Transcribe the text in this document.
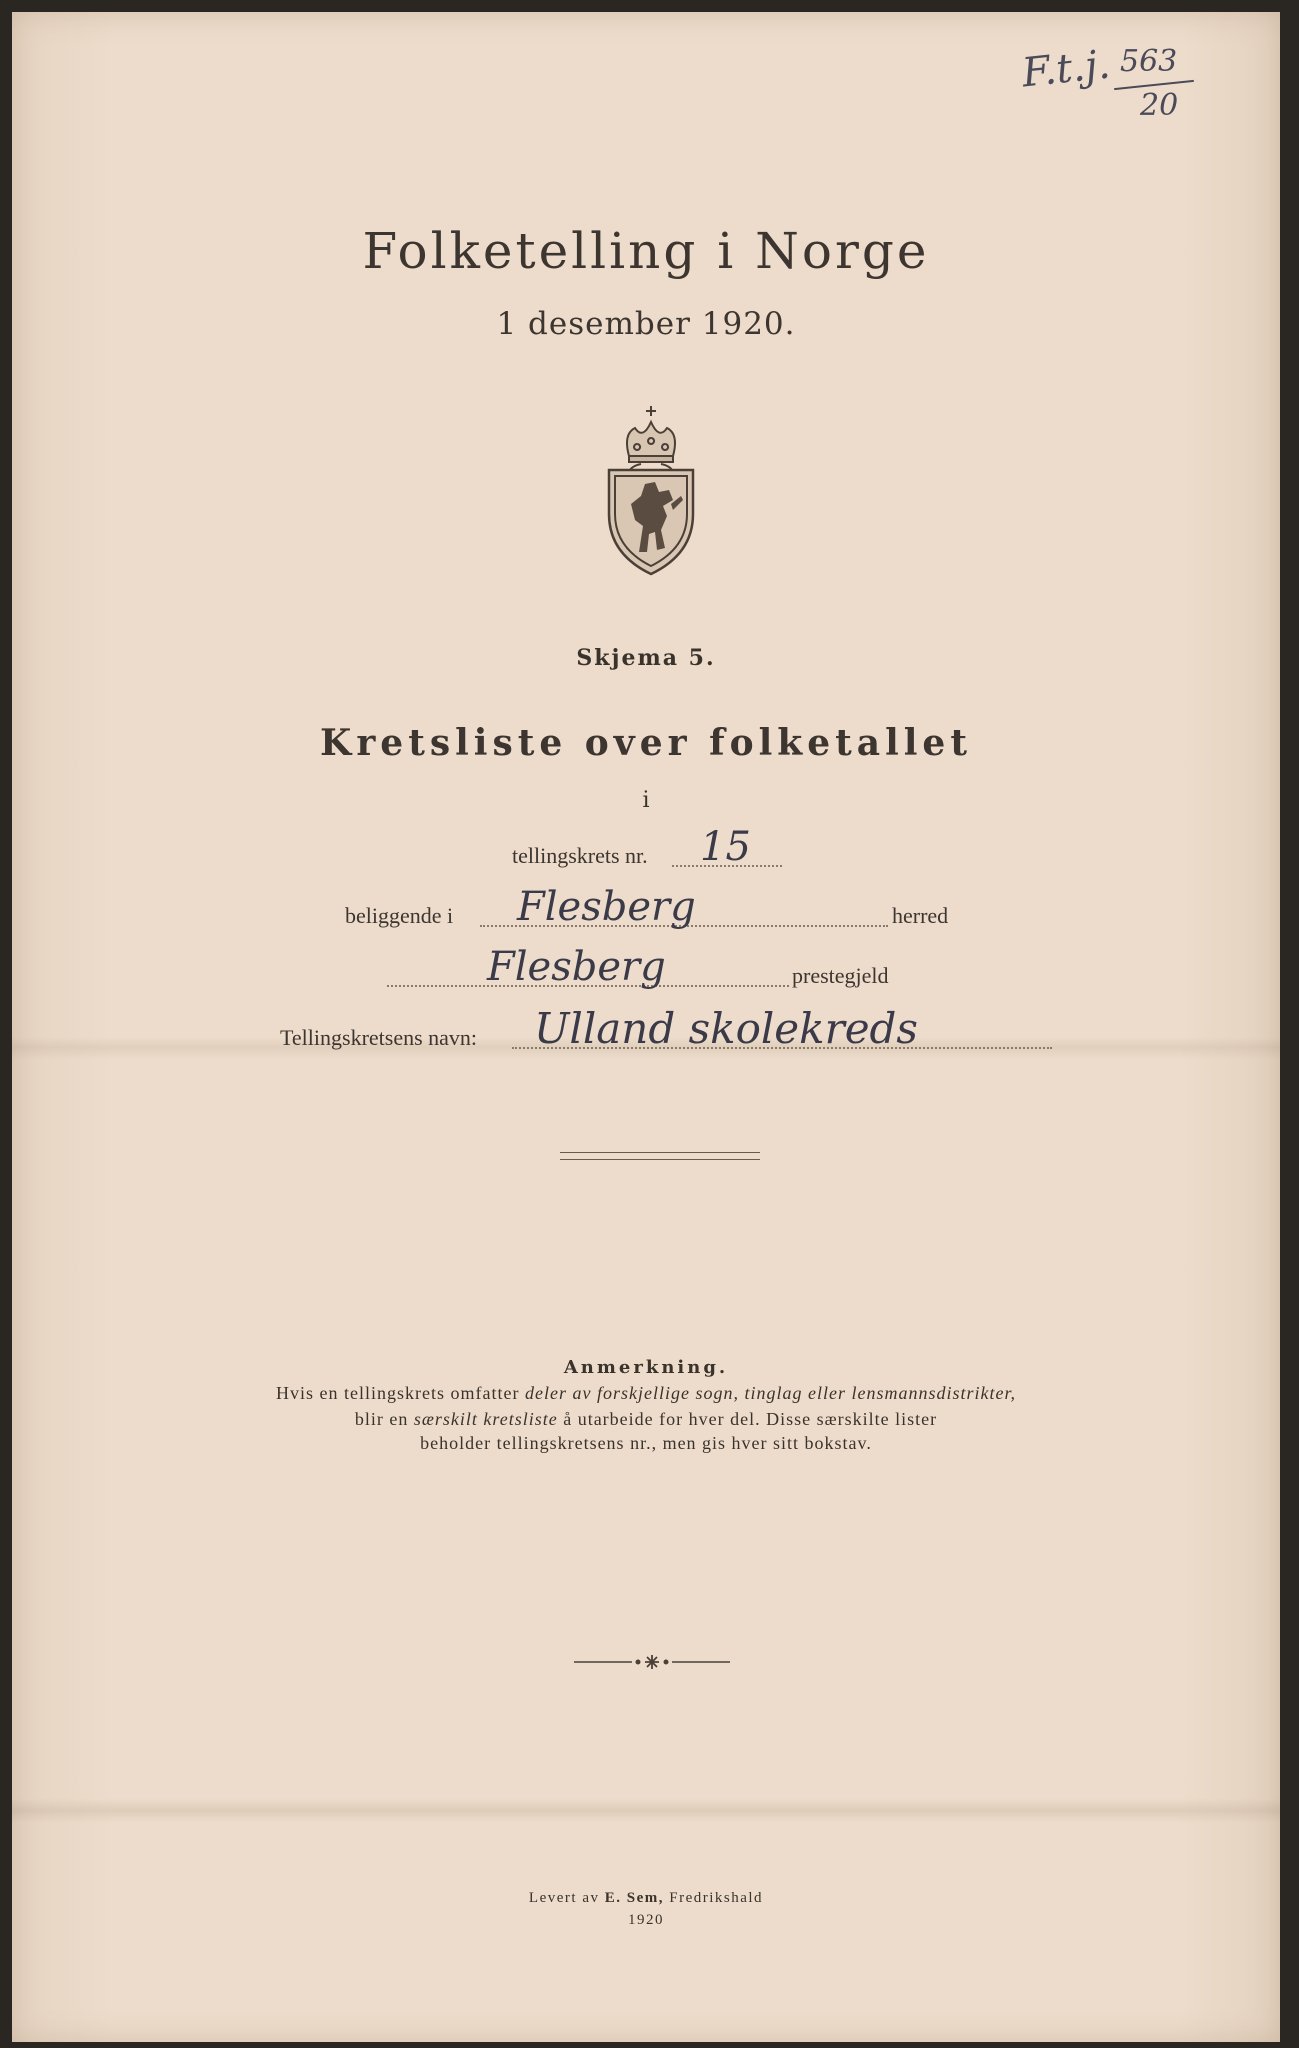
F.t.j. 563
20
Folketelling i Norge
1 desember 1920.
Skjema 5.
Kretsliste over folketallet
i
tellingskrets nr. 15
beliggende i Flesberg	herred
Flesberg	prestegjeld
Tellingskretsens navn: Ulland skolekreds
Anmerkning.
Hvis en tellingskrets omfatter deler av forskjellige sogn, tinglag eller lensmannsdistrikter,
blir en særskilt kretsliste å utarbeide for hver del. Disse særskilte lister
beholder tellingskretsens nr., men gis hver sitt bokstav.
Levert av E. Sem, Fredrikshald
1920
